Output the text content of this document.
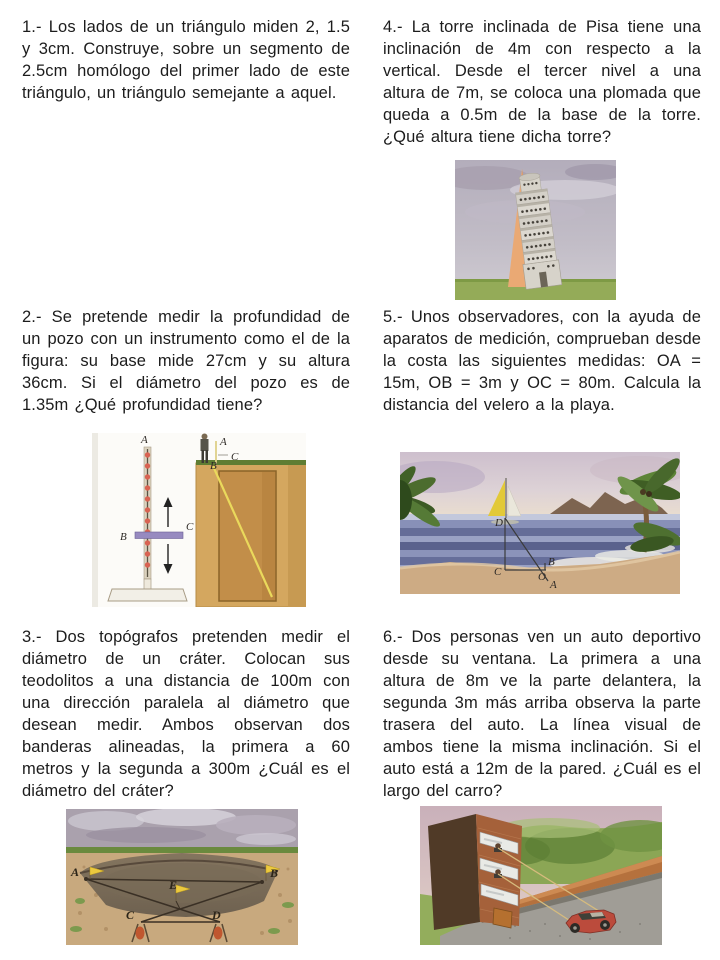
1.- Los lados de un triángulo miden 2, 1.5 y 3cm. Construye, sobre un segmento de 2.5cm homólogo del primer lado de este triángulo, un triángulo semejante a aquel.

4.- La torre inclinada de Pisa tiene una inclinación de 4m con respecto a la vertical. Desde el tercer nivel a una altura de 7m, se coloca una plomada que queda a 0.5m de la base de la torre. ¿Qué altura tiene dicha torre?

2.- Se pretende medir la profundidad de un pozo con un instrumento como el de la figura: su base mide 27cm y su altura 36cm. Si el diámetro del pozo es de 1.35m ¿Qué profundidad tiene?

5.- Unos observadores, con la ayuda de aparatos de medición, comprueban desde la costa las siguientes medidas: OA = 15m, OB = 3m y OC = 80m. Calcula la distancia del velero a la playa.

3.- Dos topógrafos pretenden medir el diámetro de un cráter. Colocan sus teodolitos a una distancia de 100m con una dirección paralela al diámetro que desean medir. Ambos observan dos banderas alineadas, la primera a 60 metros y la segunda a 300m ¿Cuál es el diámetro del cráter?

6.- Dos personas ven un auto deportivo desde su ventana. La primera a una altura de 8m ve la parte delantera, la segunda 3m más arriba observa la parte trasera del auto. La línea visual de ambos tiene la misma inclinación. Si el auto está a 12m de la pared. ¿Cuál es el largo del carro?

A
B
C
A
C
B
D
C	O
B
A
A	B
E
C	D
